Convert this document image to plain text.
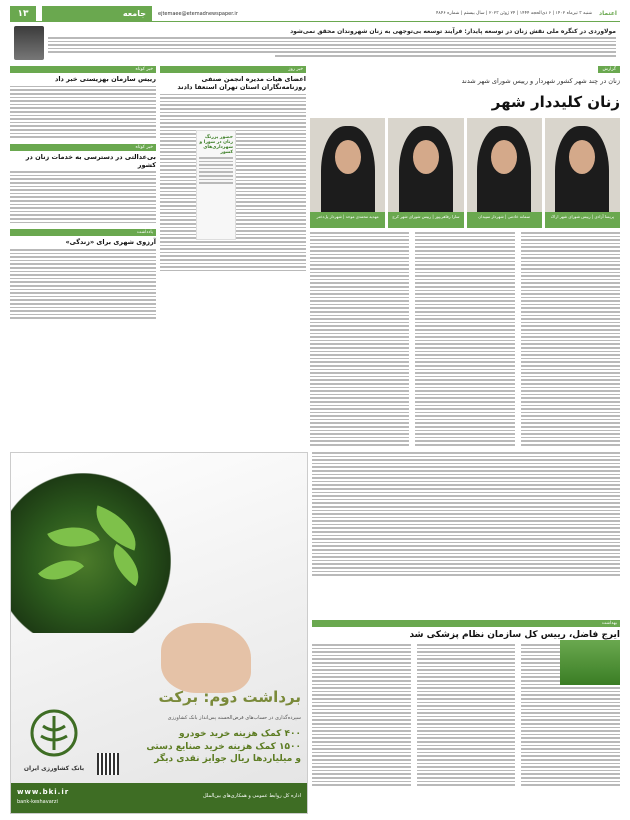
اعتماد
شنبه ۳ تیرماه ۱۴۰۲ | ۶ ذی‌الحجه ۱۴۴۴ | ۲۴ ژوئن ۲۰۲۳ | سال بیستم | شماره ۴۸۴۶
ejtemaee@etemadnewspaper.ir
جامعه
۱۳
مولاوردی در کنگره ملی نقش زنان در توسعه پایدار: فرآیند توسعه بی‌توجهی به زنان شهروندان محقق نمی‌شود
گزارش
زنان در چند شهر کشور شهردار و رییس شورای شهر شدند
زنان کلیددار شهر
پریسا آزادی | رییس شورای شهر اراک
سمانه خادمی | شهردار سپیدان
سارا رفاهی‌پور | رییس شورای شهر کرج
مهدیه محمدی موحد | شهردار پل‌دختر
خبر روز
اعضای هیات مدیره انجمن صنفی روزنامه‌نگاران استان تهران استعفا دادند
حضور پررنگ زنان در شورا و شهرداری‌های کشور
خبر کوتاه
رییس سازمان بهزیستی خبر داد
خبر کوتاه
بی‌عدالتی در دسترسی به خدمات زنان در کشور
یادداشت
آرزوی شهری برای «زندگی»
برداشت دوم: برکت
سپرده‌گذاری در حساب‌های قرض‌الحسنه پس‌انداز بانک کشاورزی
۴۰۰ کمک هزینه خرید خودرو
۱۵۰۰ کمک هزینه خرید صنایع دستی
و میلیاردها ریال جوایز نقدی دیگر
بانک کشاورزی ایران
www.bki.ir
bank-keshavarzi
اداره کل روابط عمومی و همکاری‌های بین‌الملل
بهداشت
ایرج فاضل، رییس کل سازمان نظام پزشکی شد
